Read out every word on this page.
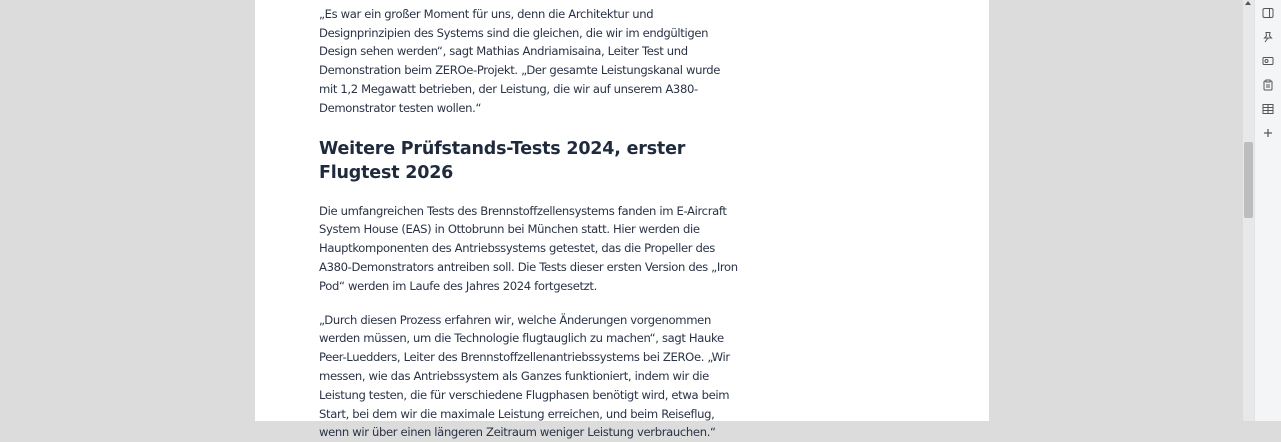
„Es war ein großer Moment für uns, denn die Architektur und Designprinzipien des Systems sind die gleichen, die wir im endgültigen Design sehen werden“, sagt Mathias Andriamisaina, Leiter Test und Demonstration beim ZEROe-Projekt. „Der gesamte Leistungskanal wurde mit 1,2 Megawatt betrieben, der Leistung, die wir auf unserem A380-Demonstrator testen wollen.“

Weitere Prüfstands-Tests 2024, erster Flugtest 2026

Die umfangreichen Tests des Brennstoffzellensystems fanden im E-Aircraft System House (EAS) in Ottobrunn bei München statt. Hier werden die Hauptkomponenten des Antriebssystems getestet, das die Propeller des A380-Demonstrators antreiben soll. Die Tests dieser ersten Version des „Iron Pod“ werden im Laufe des Jahres 2024 fortgesetzt.

„Durch diesen Prozess erfahren wir, welche Änderungen vorgenommen werden müssen, um die Technologie flugtauglich zu machen“, sagt Hauke Peer-Luedders, Leiter des Brennstoffzellenantriebssystems bei ZEROe. „Wir messen, wie das Antriebssystem als Ganzes funktioniert, indem wir die Leistung testen, die für verschiedene Flugphasen benötigt wird, etwa beim Start, bei dem wir die maximale Leistung erreichen, und beim Reiseflug, wenn wir über einen längeren Zeitraum weniger Leistung verbrauchen.“
